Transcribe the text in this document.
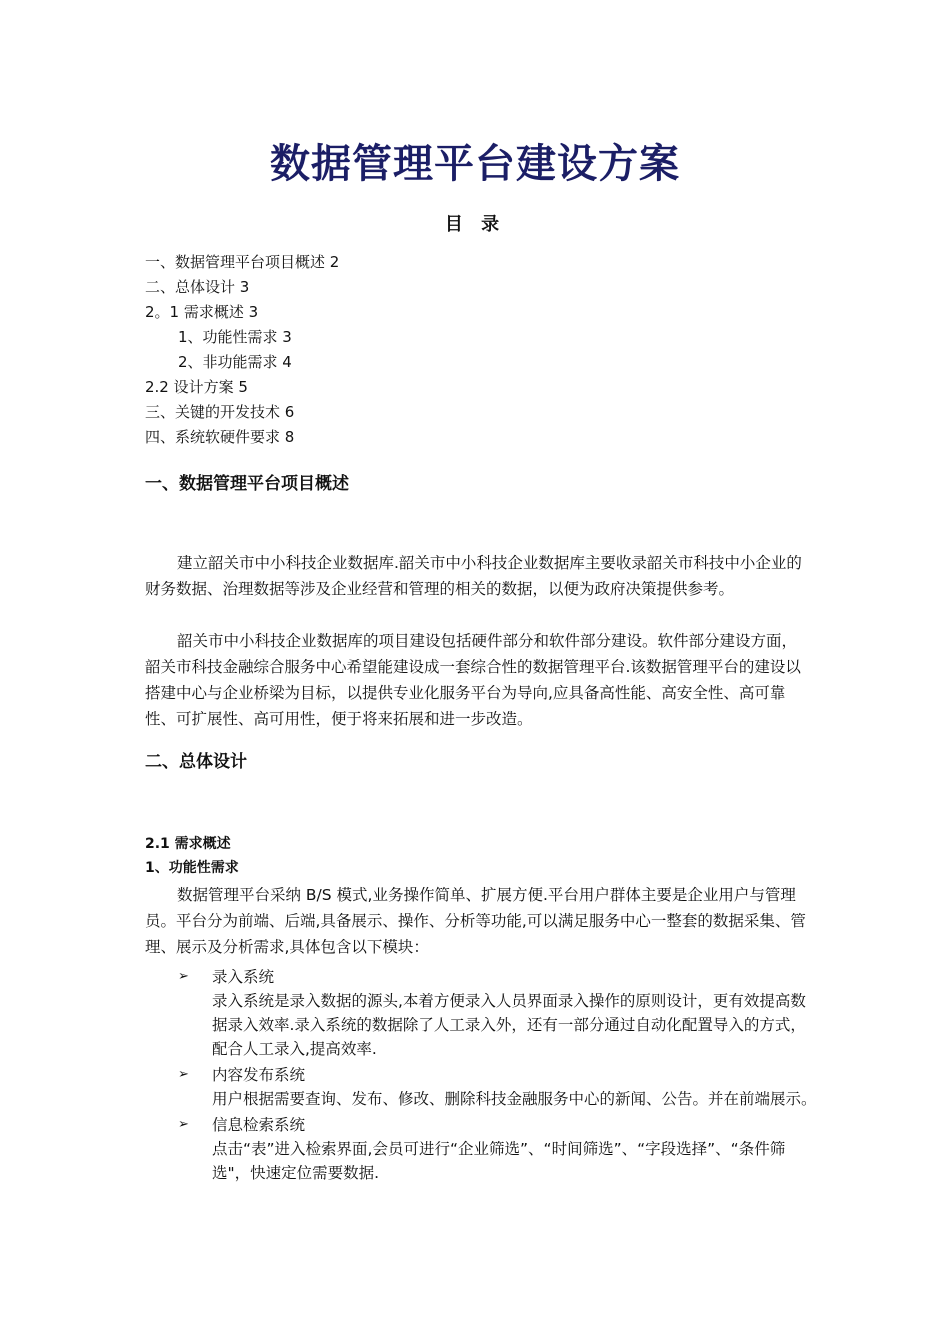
数据管理平台建设方案
目 录
一、数据管理平台项目概述 2
二、总体设计 3
2。1 需求概述 3
1、功能性需求 3
2、非功能需求 4
2.2 设计方案 5
三、关键的开发技术 6
四、系统软硬件要求 8
一、数据管理平台项目概述

建立韶关市中小科技企业数据库.韶关市中小科技企业数据库主要收录韶关市科技中小企业的财务数据、治理数据等涉及企业经营和管理的相关的数据，以便为政府决策提供参考。

韶关市中小科技企业数据库的项目建设包括硬件部分和软件部分建设。软件部分建设方面，韶关市科技金融综合服务中心希望能建设成一套综合性的数据管理平台.该数据管理平台的建设以搭建中心与企业桥梁为目标，以提供专业化服务平台为导向,应具备高性能、高安全性、高可靠性、可扩展性、高可用性，便于将来拓展和进一步改造。

二、总体设计
2.1 需求概述
1、功能性需求

数据管理平台采纳 B/S 模式,业务操作简单、扩展方便.平台用户群体主要是企业用户与管理员。平台分为前端、后端,具备展示、操作、分析等功能,可以满足服务中心一整套的数据采集、管理、展示及分析需求,具体包含以下模块：

➢	录入系统
录入系统是录入数据的源头,本着方便录入人员界面录入操作的原则设计，更有效提高数据录入效率.录入系统的数据除了人工录入外，还有一部分通过自动化配置导入的方式，配合人工录入,提高效率.
➢	内容发布系统
用户根据需要查询、发布、修改、删除科技金融服务中心的新闻、公告。并在前端展示。
➢	信息检索系统
点击“表”进入检索界面,会员可进行“企业筛选”、“时间筛选”、“字段选择”、“条件筛选"，快速定位需要数据.
